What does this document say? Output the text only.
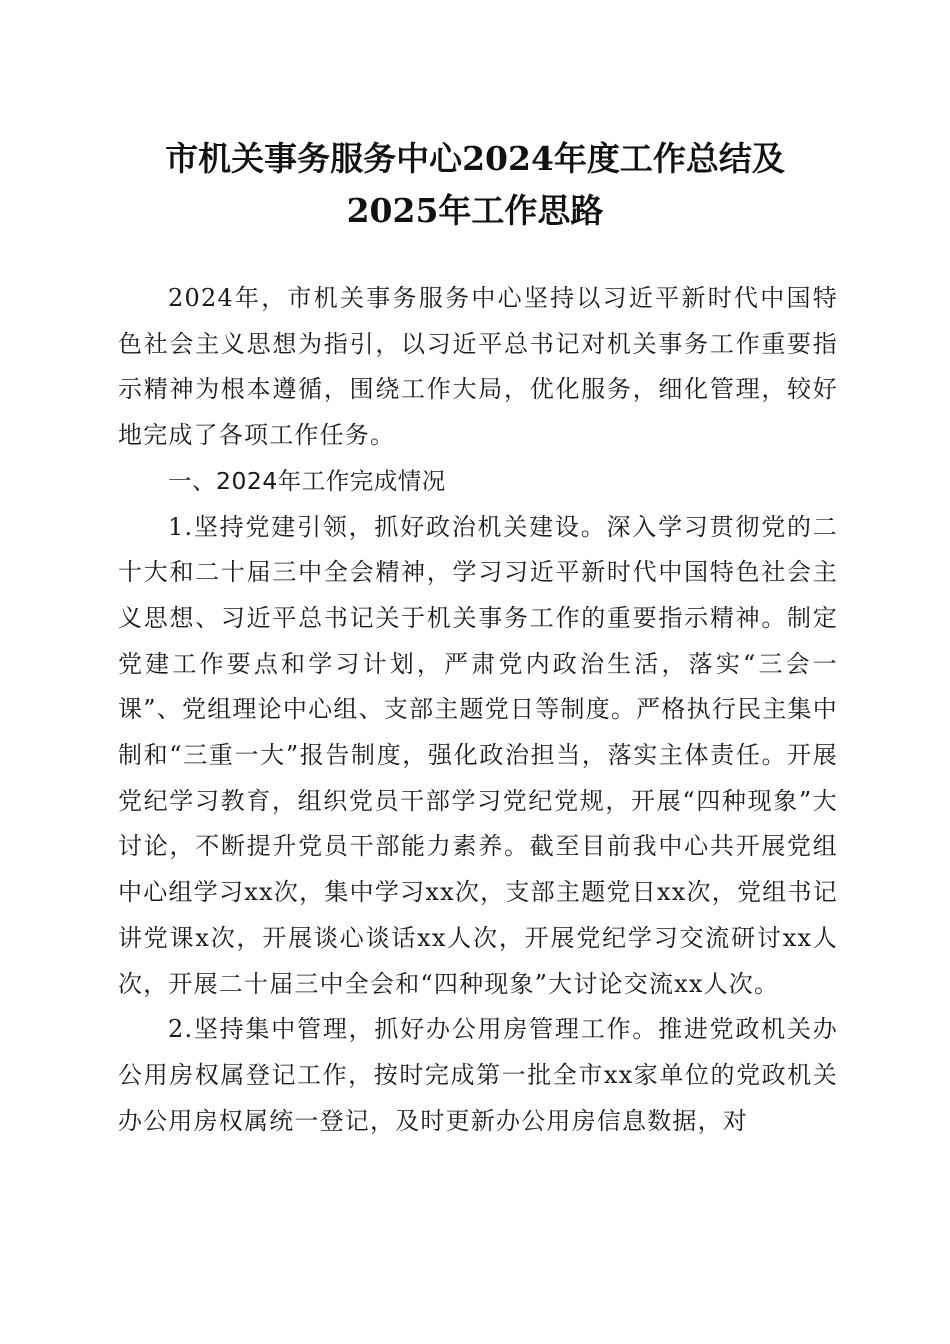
市机关事务服务中心2024年度工作总结及
2025年工作思路

2024年，市机关事务服务中心坚持以习近平新时代中国特色社会主义思想为指引，以习近平总书记对机关事务工作重要指示精神为根本遵循，围绕工作大局，优化服务，细化管理，较好地完成了各项工作任务。

一、2024年工作完成情况

1.坚持党建引领，抓好政治机关建设。深入学习贯彻党的二十大和二十届三中全会精神，学习习近平新时代中国特色社会主义思想、习近平总书记关于机关事务工作的重要指示精神。制定党建工作要点和学习计划，严肃党内政治生活，落实“三会一课”、党组理论中心组、支部主题党日等制度。严格执行民主集中制和“三重一大”报告制度，强化政治担当，落实主体责任。开展党纪学习教育，组织党员干部学习党纪党规，开展“四种现象”大讨论，不断提升党员干部能力素养。截至目前我中心共开展党组中心组学习xx次，集中学习xx次，支部主题党日xx次，党组书记讲党课x次，开展谈心谈话xx人次，开展党纪学习交流研讨xx人次，开展二十届三中全会和“四种现象”大讨论交流xx人次。

2.坚持集中管理，抓好办公用房管理工作。推进党政机关办公用房权属登记工作，按时完成第一批全市xx家单位的党政机关办公用房权属统一登记，及时更新办公用房信息数据，对
